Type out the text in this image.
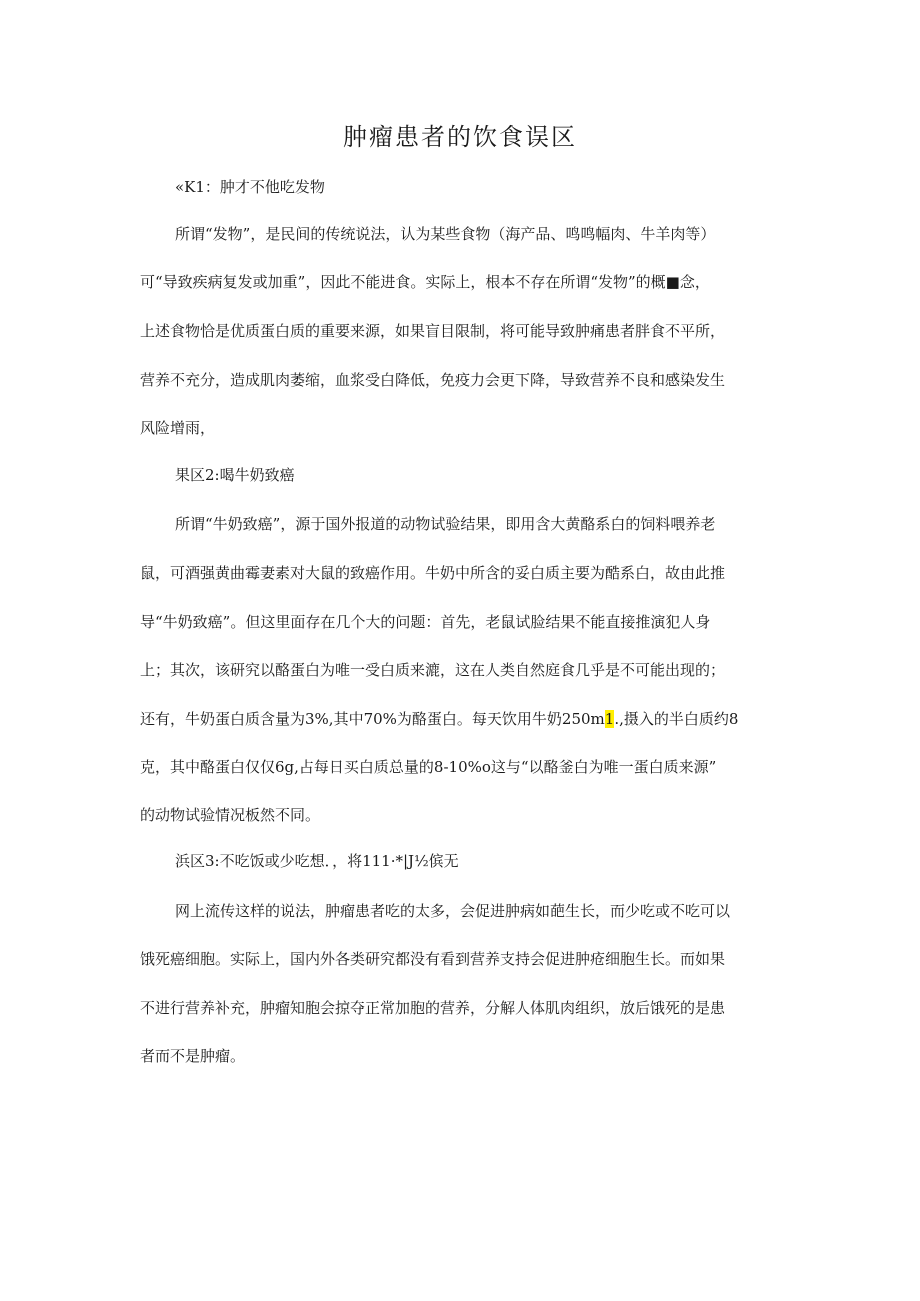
肿瘤患者的饮食误区
«K1：肿才不他吃发物
所谓“发物”，是民间的传统说法，认为某些食物（海产品、鸣鸣幅肉、牛羊肉等）
可“导致疾病复发或加重”，因此不能进食。实际上，根本不存在所谓“发物”的概■念，
上述食物恰是优质蛋白质的重要来源，如果盲目限制，将可能导致肿痛患者胖食不平所，
营养不充分，造成肌肉萎缩，血浆受白降低，免疫力会更下降，导致营养不良和感染发生
风险增雨，
果区2:喝牛奶致癌
所谓“牛奶致癌”，源于国外报道的动物试验结果，即用含大黄酪系白的饲料喂养老
鼠，可酒强黄曲霉妻素对大鼠的致癌作用。牛奶中所含的妥白质主要为酷系白，故由此推
导“牛奶致癌”。但这里面存在几个大的问题：首先，老鼠试脸结果不能直接推演犯人身
上；其次，该研究以酪蛋白为唯一受白质来漉，这在人类自然庭食几乎是不可能出现的；
还有，牛奶蛋白质含量为3%,其中70%为酪蛋白。每天饮用牛奶250m1.,摄入的半白质约8
克，其中酪蛋白仅仅6g,占每日买白质总量的8-10%o这与“以酪釜白为唯一蛋白质来源”
的动物试验情况板然不同。
浜区3:不吃饭或少吃想．，将111·*|J½傧无
网上流传这样的说法，肿瘤患者吃的太多，会促进肿病如葩生长，而少吃或不吃可以
饿死癌细胞。实际上，国内外各类研究都没有看到营养支持会促进肿疮细胞生长。而如果
不进行营养补充，肿瘤知胞会掠夺正常加胞的营养，分解人体肌肉组织，放后饿死的是患
者而不是肿瘤。
